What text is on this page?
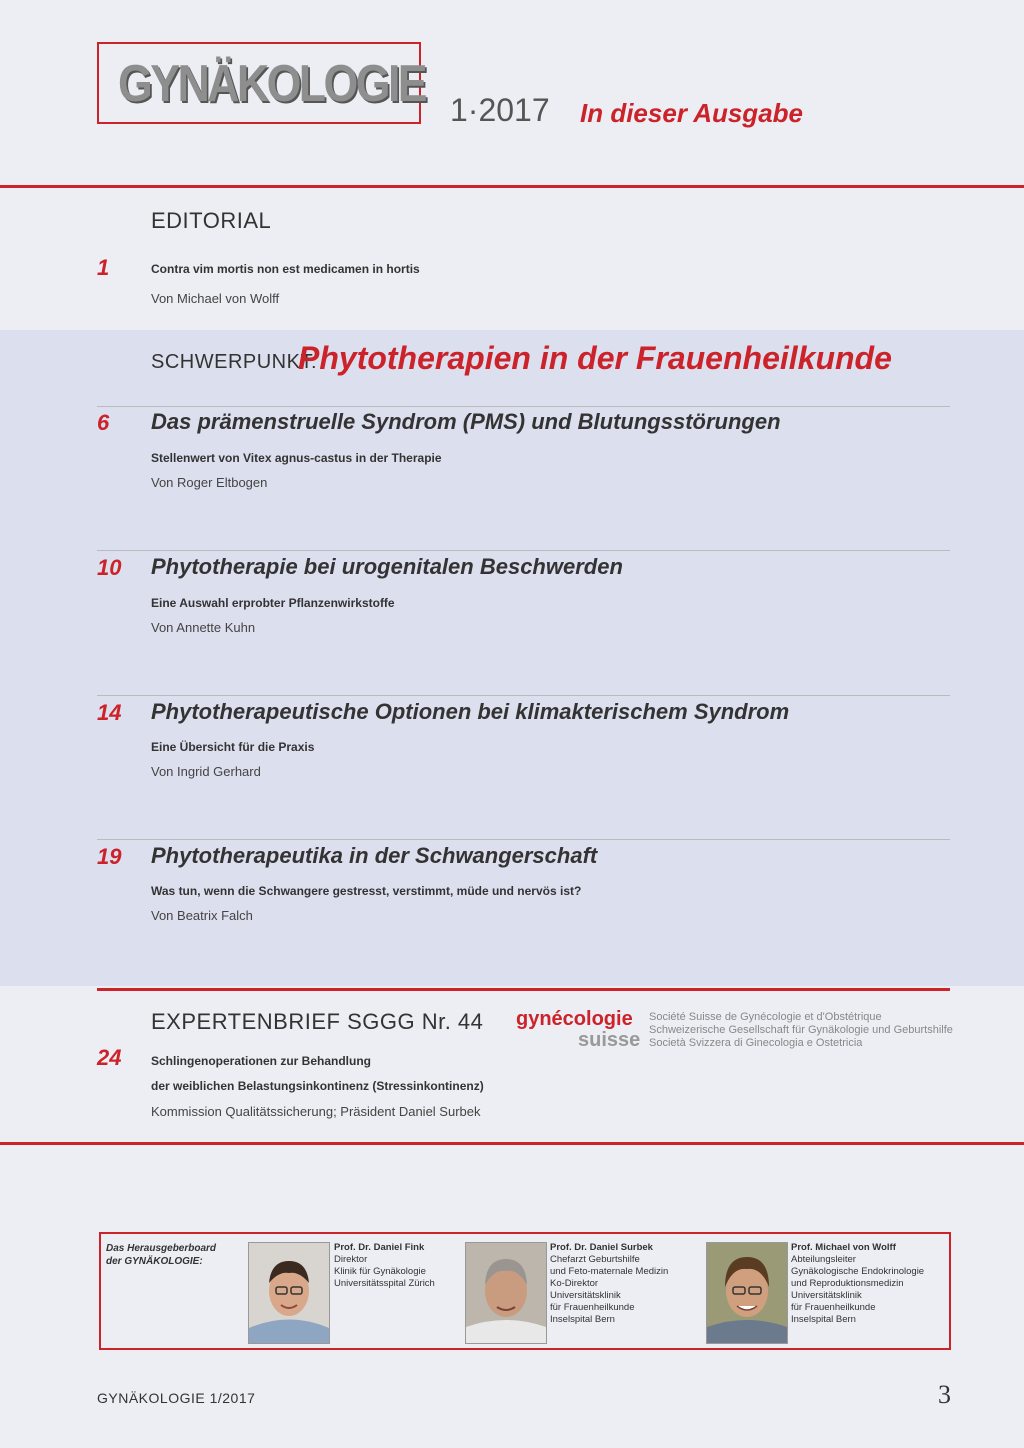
GYNÄKOLOGIE 1·2017 In dieser Ausgabe
EDITORIAL
1	Contra vim mortis non est medicamen in hortis
Von Michael von Wolff
SCHWERPUNKT:
Phytotherapien in der Frauenheilkunde
6 Das prämenstruelle Syndrom (PMS) und Blutungsstörungen
Stellenwert von Vitex agnus-castus in der Therapie
Von Roger Eltbogen
10 Phytotherapie bei urogenitalen Beschwerden
Eine Auswahl erprobter Pflanzenwirkstoffe
Von Annette Kuhn
14 Phytotherapeutische Optionen bei klimakterischem Syndrom
Eine Übersicht für die Praxis
Von Ingrid Gerhard
19 Phytotherapeutika in der Schwangerschaft
Was tun, wenn die Schwangere gestresst, verstimmt, müde und nervös ist?
Von Beatrix Falch
EXPERTENBRIEF SGGG Nr. 44 gynécologie
suisse
Société Suisse de Gynécologie et d'Obstétrique
Schweizerische Gesellschaft für Gynäkologie und Geburtshilfe
Società Svizzera di Ginecologia e Ostetricia
24 Schlingenoperationen zur Behandlung
der weiblichen Belastungsinkontinenz (Stressinkontinenz)
Kommission Qualitätssicherung; Präsident Daniel Surbek
Das Herausgeberboard
der GYNÄKOLOGIE:
Prof. Dr. Daniel Fink
Direktor
Klinik für Gynäkologie
Universitätsspital Zürich
Prof. Dr. Daniel Surbek
Chefarzt Geburtshilfe
und Feto-maternale Medizin
Ko-Direktor
Universitätsklinik
für Frauenheilkunde
Inselspital Bern
Prof. Michael von Wolff
Abteilungsleiter
Gynäkologische Endokrinologie
und Reproduktionsmedizin
Universitätsklinik
für Frauenheilkunde
Inselspital Bern
GYNÄKOLOGIE 1/2017	3
